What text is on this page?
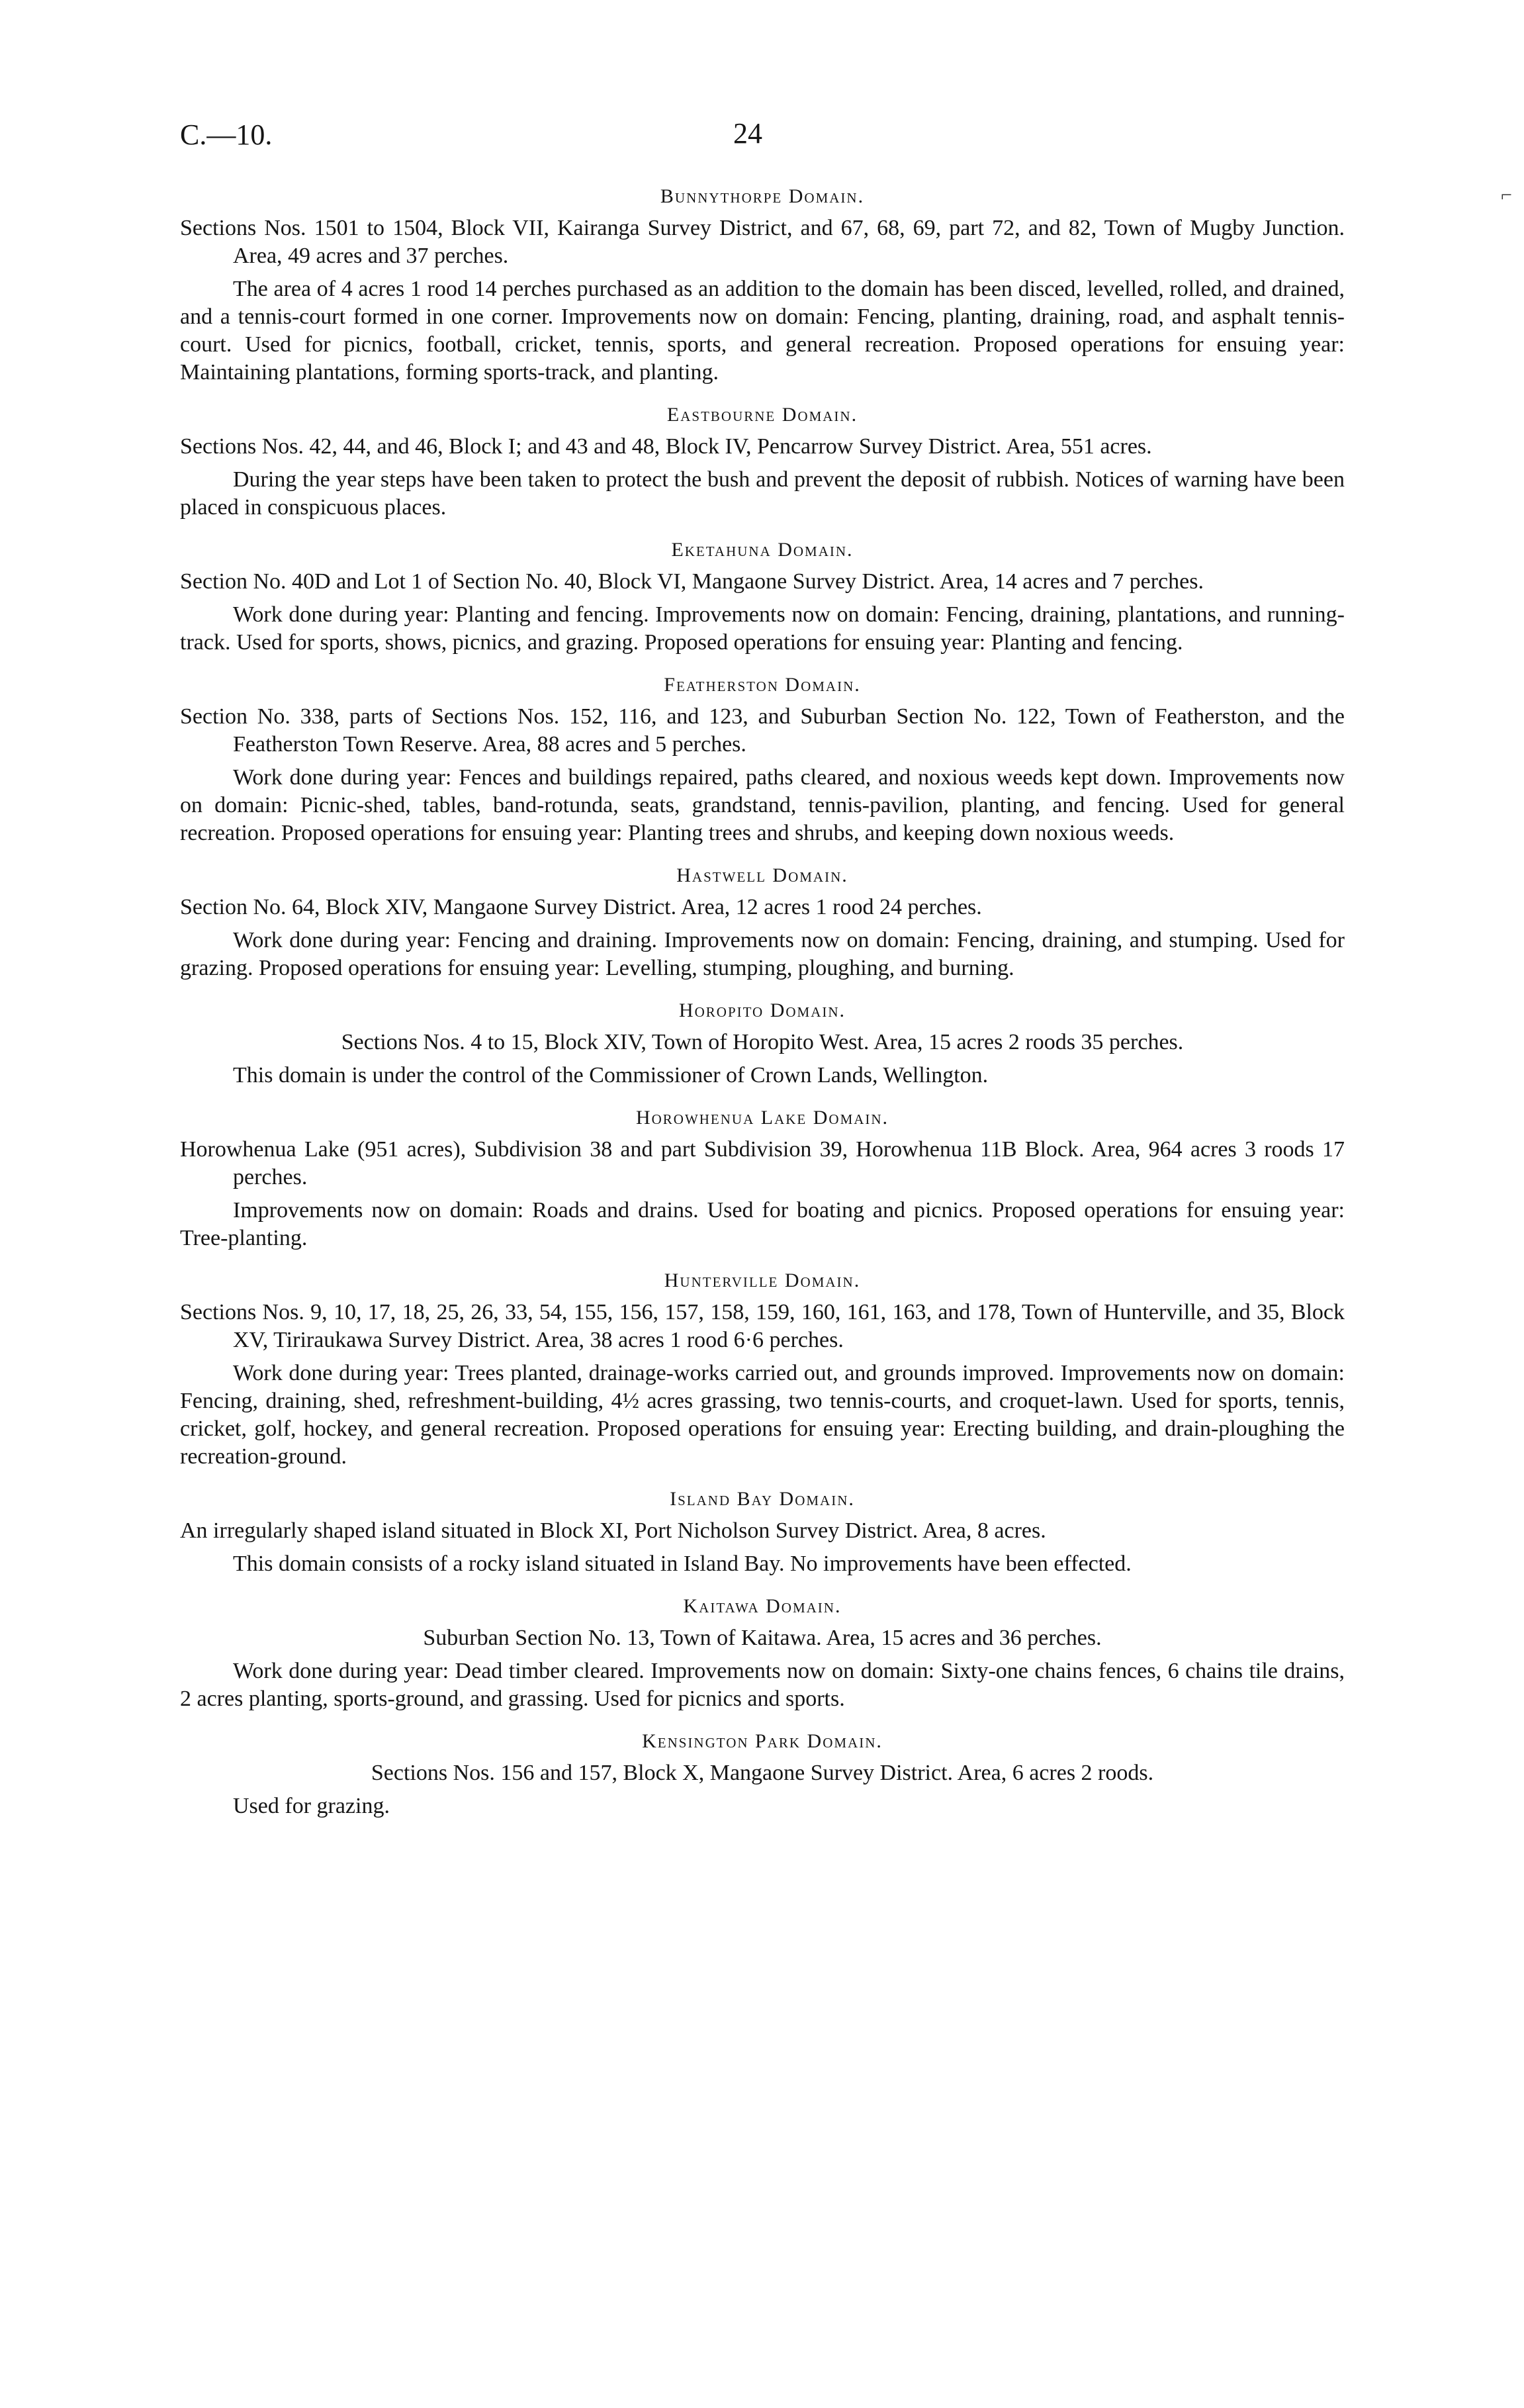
C.—10.	24
⌐
Bunnythorpe Domain.

Sections Nos. 1501 to 1504, Block VII, Kairanga Survey District, and 67, 68, 69, part 72, and 82, Town of Mugby Junction. Area, 49 acres and 37 perches.

The area of 4 acres 1 rood 14 perches purchased as an addition to the domain has been disced, levelled, rolled, and drained, and a tennis-court formed in one corner. Improvements now on domain: Fencing, planting, draining, road, and asphalt tennis-court. Used for picnics, football, cricket, tennis, sports, and general recreation. Proposed operations for ensuing year: Maintaining plantations, forming sports-track, and planting.

Eastbourne Domain.

Sections Nos. 42, 44, and 46, Block I; and 43 and 48, Block IV, Pencarrow Survey District. Area, 551 acres.

During the year steps have been taken to protect the bush and prevent the deposit of rubbish. Notices of warning have been placed in conspicuous places.

Eketahuna Domain.

Section No. 40D and Lot 1 of Section No. 40, Block VI, Mangaone Survey District. Area, 14 acres and 7 perches.

Work done during year: Planting and fencing. Improvements now on domain: Fencing, draining, plantations, and running-track. Used for sports, shows, picnics, and grazing. Proposed operations for ensuing year: Planting and fencing.

Featherston Domain.

Section No. 338, parts of Sections Nos. 152, 116, and 123, and Suburban Section No. 122, Town of Featherston, and the Featherston Town Reserve. Area, 88 acres and 5 perches.

Work done during year: Fences and buildings repaired, paths cleared, and noxious weeds kept down. Improvements now on domain: Picnic-shed, tables, band-rotunda, seats, grandstand, tennis-pavilion, planting, and fencing. Used for general recreation. Proposed operations for ensuing year: Planting trees and shrubs, and keeping down noxious weeds.

Hastwell Domain.

Section No. 64, Block XIV, Mangaone Survey District. Area, 12 acres 1 rood 24 perches.

Work done during year: Fencing and draining. Improvements now on domain: Fencing, draining, and stumping. Used for grazing. Proposed operations for ensuing year: Levelling, stumping, ploughing, and burning.

Horopito Domain.

Sections Nos. 4 to 15, Block XIV, Town of Horopito West. Area, 15 acres 2 roods 35 perches.

This domain is under the control of the Commissioner of Crown Lands, Wellington.

Horowhenua Lake Domain.

Horowhenua Lake (951 acres), Subdivision 38 and part Subdivision 39, Horowhenua 11B Block. Area, 964 acres 3 roods 17 perches.

Improvements now on domain: Roads and drains. Used for boating and picnics. Proposed operations for ensuing year: Tree-planting.

Hunterville Domain.

Sections Nos. 9, 10, 17, 18, 25, 26, 33, 54, 155, 156, 157, 158, 159, 160, 161, 163, and 178, Town of Hunterville, and 35, Block XV, Tiriraukawa Survey District. Area, 38 acres 1 rood 6·6 perches.

Work done during year: Trees planted, drainage-works carried out, and grounds improved. Improvements now on domain: Fencing, draining, shed, refreshment-building, 4½ acres grassing, two tennis-courts, and croquet-lawn. Used for sports, tennis, cricket, golf, hockey, and general recreation. Proposed operations for ensuing year: Erecting building, and drain-ploughing the recreation-ground.

Island Bay Domain.

An irregularly shaped island situated in Block XI, Port Nicholson Survey District. Area, 8 acres.

This domain consists of a rocky island situated in Island Bay. No improvements have been effected.

Kaitawa Domain.

Suburban Section No. 13, Town of Kaitawa. Area, 15 acres and 36 perches.

Work done during year: Dead timber cleared. Improvements now on domain: Sixty-one chains fences, 6 chains tile drains, 2 acres planting, sports-ground, and grassing. Used for picnics and sports.

Kensington Park Domain.

Sections Nos. 156 and 157, Block X, Mangaone Survey District. Area, 6 acres 2 roods.

Used for grazing.
